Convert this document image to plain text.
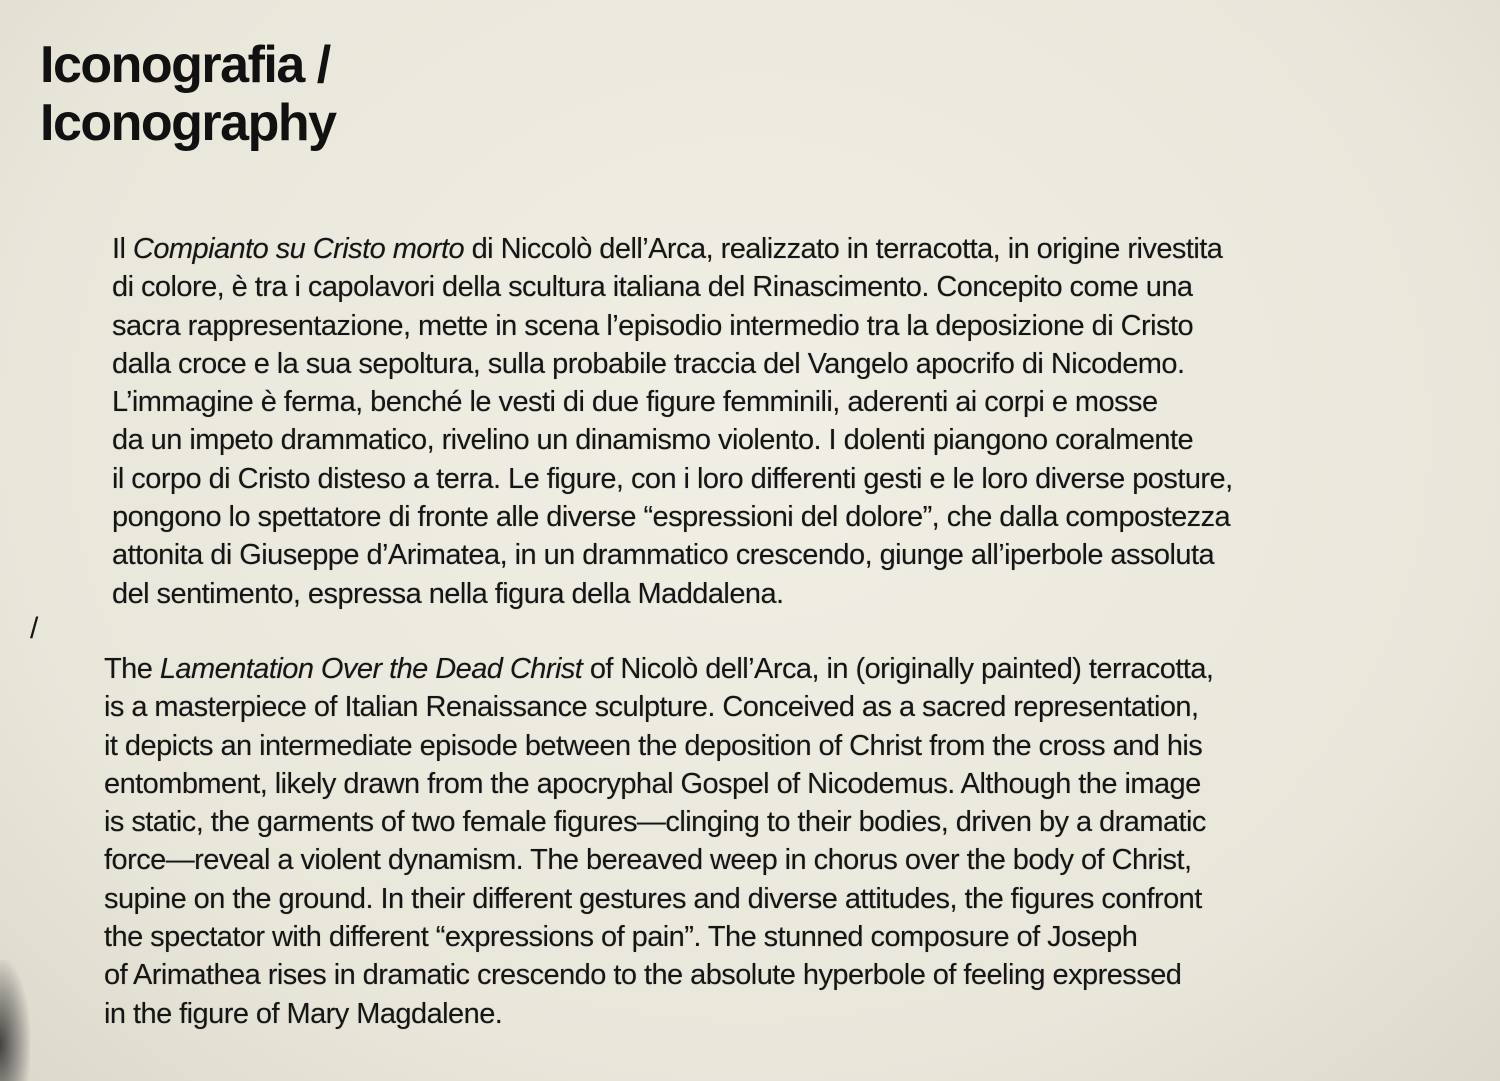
Iconografia /
Iconography

Il Compianto su Cristo morto di Niccolò dell’Arca, realizzato in terracotta, in origine rivestita
di colore, è tra i capolavori della scultura italiana del Rinascimento. Concepito come una
sacra rappresentazione, mette in scena l’episodio intermedio tra la deposizione di Cristo
dalla croce e la sua sepoltura, sulla probabile traccia del Vangelo apocrifo di Nicodemo.
L’immagine è ferma, benché le vesti di due figure femminili, aderenti ai corpi e mosse
da un impeto drammatico, rivelino un dinamismo violento. I dolenti piangono coralmente
il corpo di Cristo disteso a terra. Le figure, con i loro differenti gesti e le loro diverse posture,
pongono lo spettatore di fronte alle diverse “espressioni del dolore”, che dalla compostezza
attonita di Giuseppe d’Arimatea, in un drammatico crescendo, giunge all’iperbole assoluta
del sentimento, espressa nella figura della Maddalena.

/

The Lamentation Over the Dead Christ of Nicolò dell’Arca, in (originally painted) terracotta,
is a masterpiece of Italian Renaissance sculpture. Conceived as a sacred representation,
it depicts an intermediate episode between the deposition of Christ from the cross and his
entombment, likely drawn from the apocryphal Gospel of Nicodemus. Although the image
is static, the garments of two female figures—clinging to their bodies, driven by a dramatic
force—reveal a violent dynamism. The bereaved weep in chorus over the body of Christ,
supine on the ground. In their different gestures and diverse attitudes, the figures confront
the spectator with different “expressions of pain”. The stunned composure of Joseph
of Arimathea rises in dramatic crescendo to the absolute hyperbole of feeling expressed
in the figure of Mary Magdalene.
